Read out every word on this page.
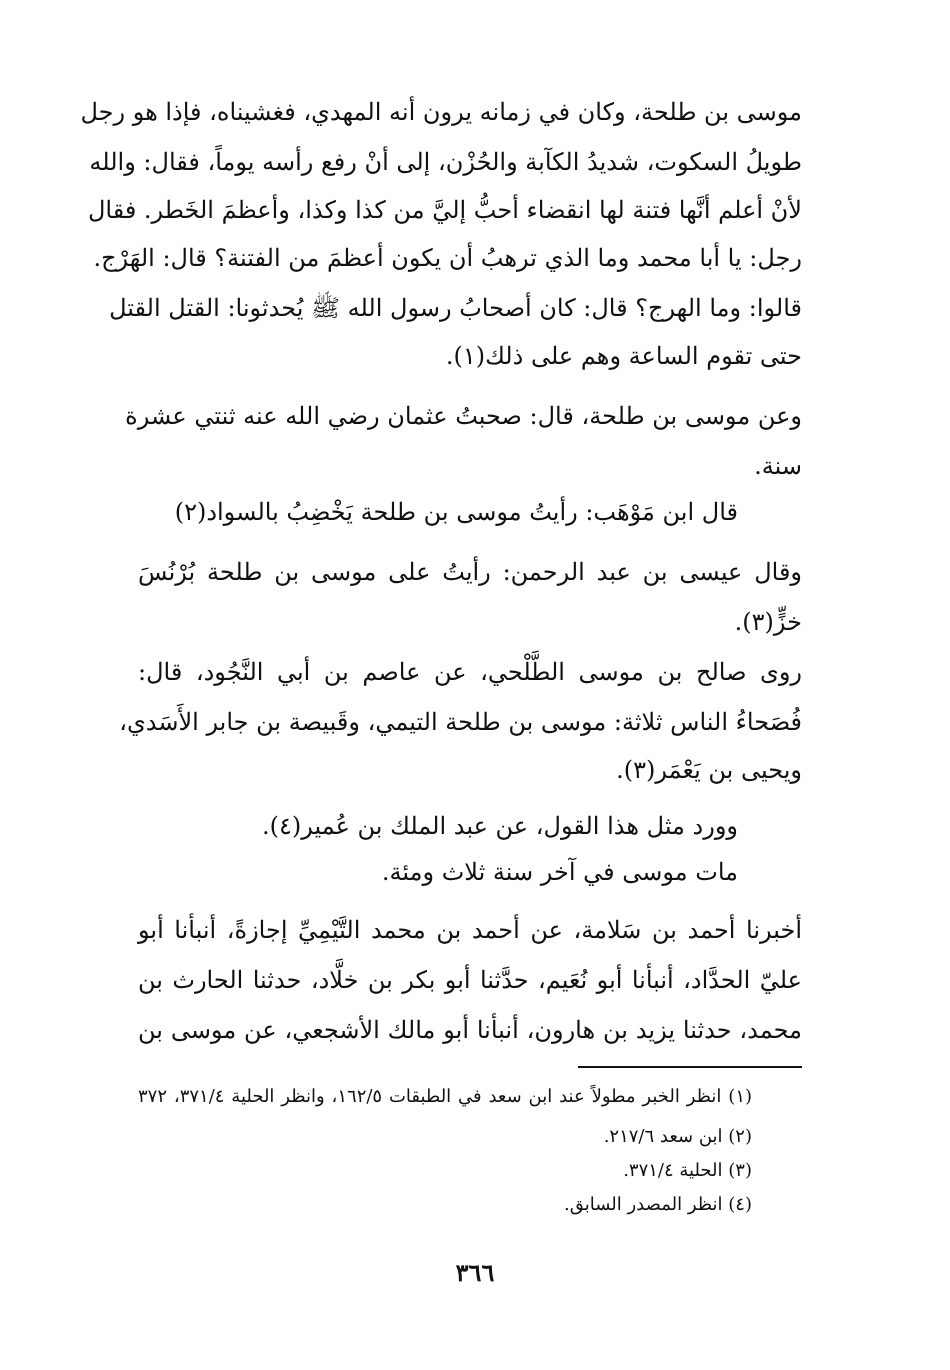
موسى بن طلحة، وكان في زمانه يرون أنه المهدي، فغشيناه، فإذا هو رجل
طويلُ السكوت، شديدُ الكآبة والحُزْن، إلى أنْ رفع رأسه يوماً، فقال: والله
لأنْ أعلم أنَّها فتنة لها انقضاء أحبُّ إليَّ من كذا وكذا، وأعظمَ الخَطر. فقال
رجل: يا أبا محمد وما الذي ترهبُ أن يكون أعظمَ من الفتنة؟ قال: الهَرْج.
قالوا: وما الهرج؟ قال: كان أصحابُ رسول الله ﷺ يُحدثونا: القتل القتل
حتى تقوم الساعة وهم على ذلك(١).
وعن موسى بن طلحة، قال: صحبتُ عثمان رضي الله عنه ثنتي عشرة
سنة.
قال ابن مَوْهَب: رأيتُ موسى بن طلحة يَخْضِبُ بالسواد(٢)
وقال عيسى بن عبد الرحمن: رأيتُ على موسى بن طلحة بُرْنُسَ
خزٍّ(٣).
روى صالح بن موسى الطَّلْحي، عن عاصم بن أبي النَّجُود، قال:
فُصَحاءُ الناس ثلاثة: موسى بن طلحة التيمي، وقَبيصة بن جابر الأَسَدي،
ويحيى بن يَعْمَر(٣).
وورد مثل هذا القول، عن عبد الملك بن عُمير(٤).
مات موسى في آخر سنة ثلاث ومئة.
أخبرنا أحمد بن سَلامة، عن أحمد بن محمد التَّيْمِيِّ إجازةً، أنبأنا أبو
عليّ الحدَّاد، أنبأنا أبو نُعَيم، حدَّثنا أبو بكر بن خلَّاد، حدثنا الحارث بن
محمد، حدثنا يزيد بن هارون، أنبأنا أبو مالك الأشجعي، عن موسى بن
(١) انظر الخبر مطولاً عند ابن سعد في الطبقات ١٦٢/٥، وانظر الحلية ٣٧١/٤، ٣٧٢
(٢) ابن سعد ٢١٧/٦.
(٣) الحلية ٣٧١/٤.
(٤) انظر المصدر السابق.
٣٦٦
